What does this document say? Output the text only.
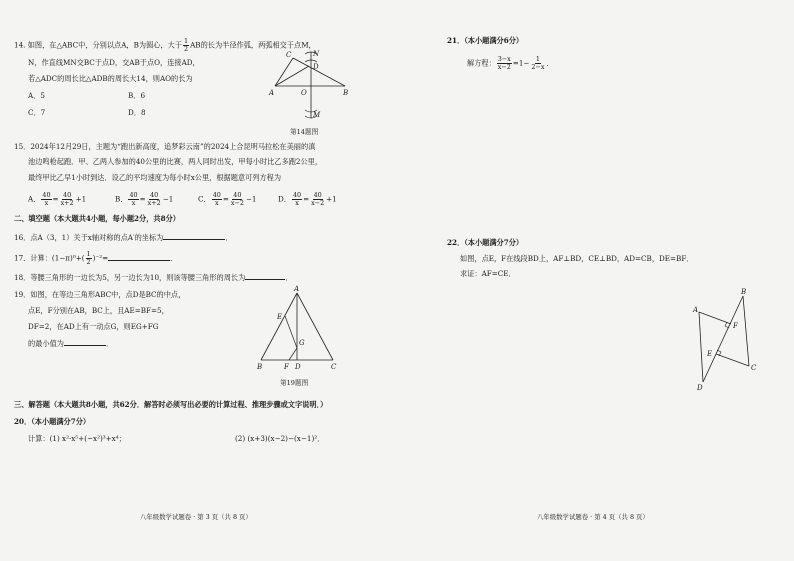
14. 如图，在△ABC中，分别以点A，B为圆心，大于 $\frac{1}{2}$ AB的长为半径作弧，两弧相交于点M，
N，作直线MN交BC于点D，交AB于点O，连接AD，
若△ADC的周长比△ADB的周长大14，则AO的长为
A．5	B．6
C．7	D．8
C	N
D
A	O	B
M
第14题图
15．2024年12月29日，主题为“跑出新高度，追梦彩云南”的2024上合昆明马拉松在美丽的滇
池边鸣枪起跑．甲、乙两人参加的40公里的比赛，两人同时出发，甲每小时比乙多跑2公里，
最终甲比乙早1小时到达．设乙的平均速度为每小时x公里，根据题意可列方程为
A． $\frac{40}{x} = \frac{40}{x+2} +1$	B． $\frac{40}{x} = \frac{40}{x+2} -1$	C． $\frac{40}{x} = \frac{40}{x-2} -1$	D． $\frac{40}{x} = \frac{40}{x-2} +1$
二、填空题（本大题共4小题，每小题2分，共8分）
16．点A（3，1）关于x轴对称的点A′的坐标为	．
17．计算：$(1-\pi)^0+( \frac{1}{2} )^{-2}=$	．
18．等腰三角形的一边长为5，另一边长为10，则该等腰三角形的周长为	．
19．如图，在等边三角形ABC中，点D是BC的中点，
点E，F分别在AB，BC上，且AE=BF=5，
DF=2，在AD上有一动点G，则EG+FG
的最小值为	．
A
E
G
B	F D	C
第19题图
三、解答题（本大题共8小题，共62分．解答时必须写出必要的计算过程、推理步骤或文字说明．）
20．（本小题满分7分）
计算：(1) x²·x⁵+(−x²)³+x⁴；	(2) (x+3)(x−2)−(x−1)²．
八年级数学试题卷 · 第 3 页（共 8 页）
21．（本小题满分6分）
解方程： $\frac{3-x}{x-2} =1- \frac{1}{2-x}$ ．
22．（本小题满分7分）
如图，点E，F在线段BD上，AF⊥BD，CE⊥BD，AD=CB，DE=BF．
求证：AF=CE．
A
B
F
E
C
D
八年级数学试题卷 · 第 4 页（共 8 页）
